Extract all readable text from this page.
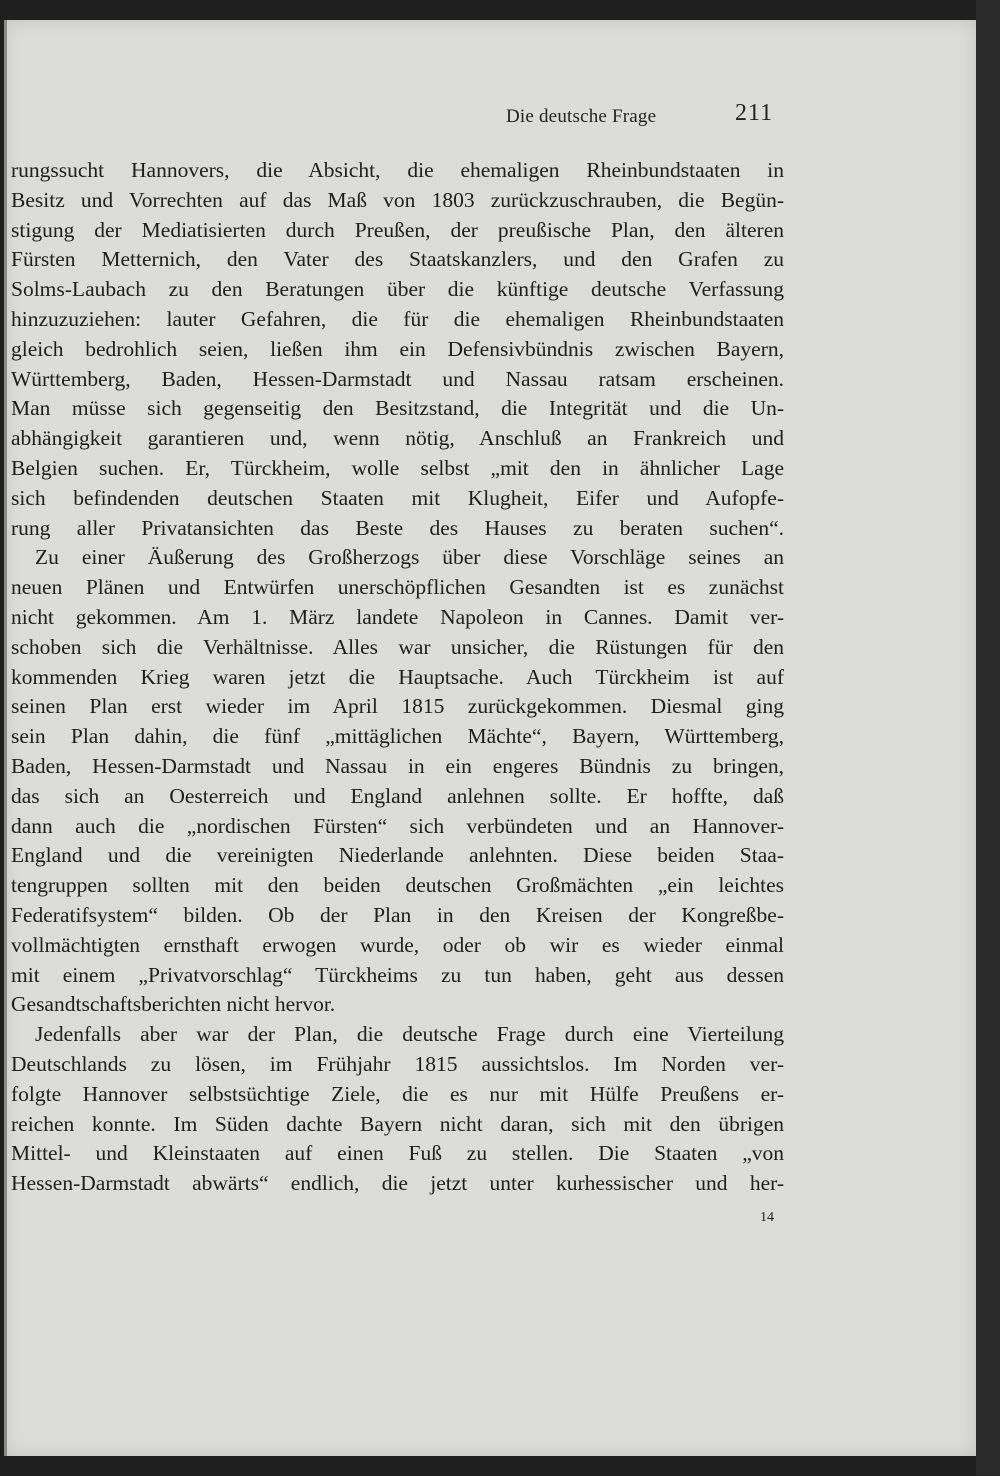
Die deutsche Frage	211
rungssucht Hannovers, die Absicht, die ehemaligen Rheinbundstaaten in
Besitz und Vorrechten auf das Maß von 1803 zurückzuschrauben, die Begün-
stigung der Mediatisierten durch Preußen, der preußische Plan, den älteren
Fürsten Metternich, den Vater des Staatskanzlers, und den Grafen zu
Solms-Laubach zu den Beratungen über die künftige deutsche Verfassung
hinzuzuziehen: lauter Gefahren, die für die ehemaligen Rheinbundstaaten
gleich bedrohlich seien, ließen ihm ein Defensivbündnis zwischen Bayern,
Württemberg, Baden, Hessen-Darmstadt und Nassau ratsam erscheinen.
Man müsse sich gegenseitig den Besitzstand, die Integrität und die Un-
abhängigkeit garantieren und, wenn nötig, Anschluß an Frankreich und
Belgien suchen. Er, Türckheim, wolle selbst „mit den in ähnlicher Lage
sich befindenden deutschen Staaten mit Klugheit, Eifer und Aufopfe-
rung aller Privatansichten das Beste des Hauses zu beraten suchen“.
Zu einer Äußerung des Großherzogs über diese Vorschläge seines an
neuen Plänen und Entwürfen unerschöpflichen Gesandten ist es zunächst
nicht gekommen. Am 1. März landete Napoleon in Cannes. Damit ver-
schoben sich die Verhältnisse. Alles war unsicher, die Rüstungen für den
kommenden Krieg waren jetzt die Hauptsache. Auch Türckheim ist auf
seinen Plan erst wieder im April 1815 zurückgekommen. Diesmal ging
sein Plan dahin, die fünf „mittäglichen Mächte“, Bayern, Württemberg,
Baden, Hessen-Darmstadt und Nassau in ein engeres Bündnis zu bringen,
das sich an Oesterreich und England anlehnen sollte. Er hoffte, daß
dann auch die „nordischen Fürsten“ sich verbündeten und an Hannover-
England und die vereinigten Niederlande anlehnten. Diese beiden Staa-
tengruppen sollten mit den beiden deutschen Großmächten „ein leichtes
Federatifsystem“ bilden. Ob der Plan in den Kreisen der Kongreßbe-
vollmächtigten ernsthaft erwogen wurde, oder ob wir es wieder einmal
mit einem „Privatvorschlag“ Türckheims zu tun haben, geht aus dessen
Gesandtschaftsberichten nicht hervor.
Jedenfalls aber war der Plan, die deutsche Frage durch eine Vierteilung
Deutschlands zu lösen, im Frühjahr 1815 aussichtslos. Im Norden ver-
folgte Hannover selbstsüchtige Ziele, die es nur mit Hülfe Preußens er-
reichen konnte. Im Süden dachte Bayern nicht daran, sich mit den übrigen
Mittel- und Kleinstaaten auf einen Fuß zu stellen. Die Staaten „von
Hessen-Darmstadt abwärts“ endlich, die jetzt unter kurhessischer und her-
14
